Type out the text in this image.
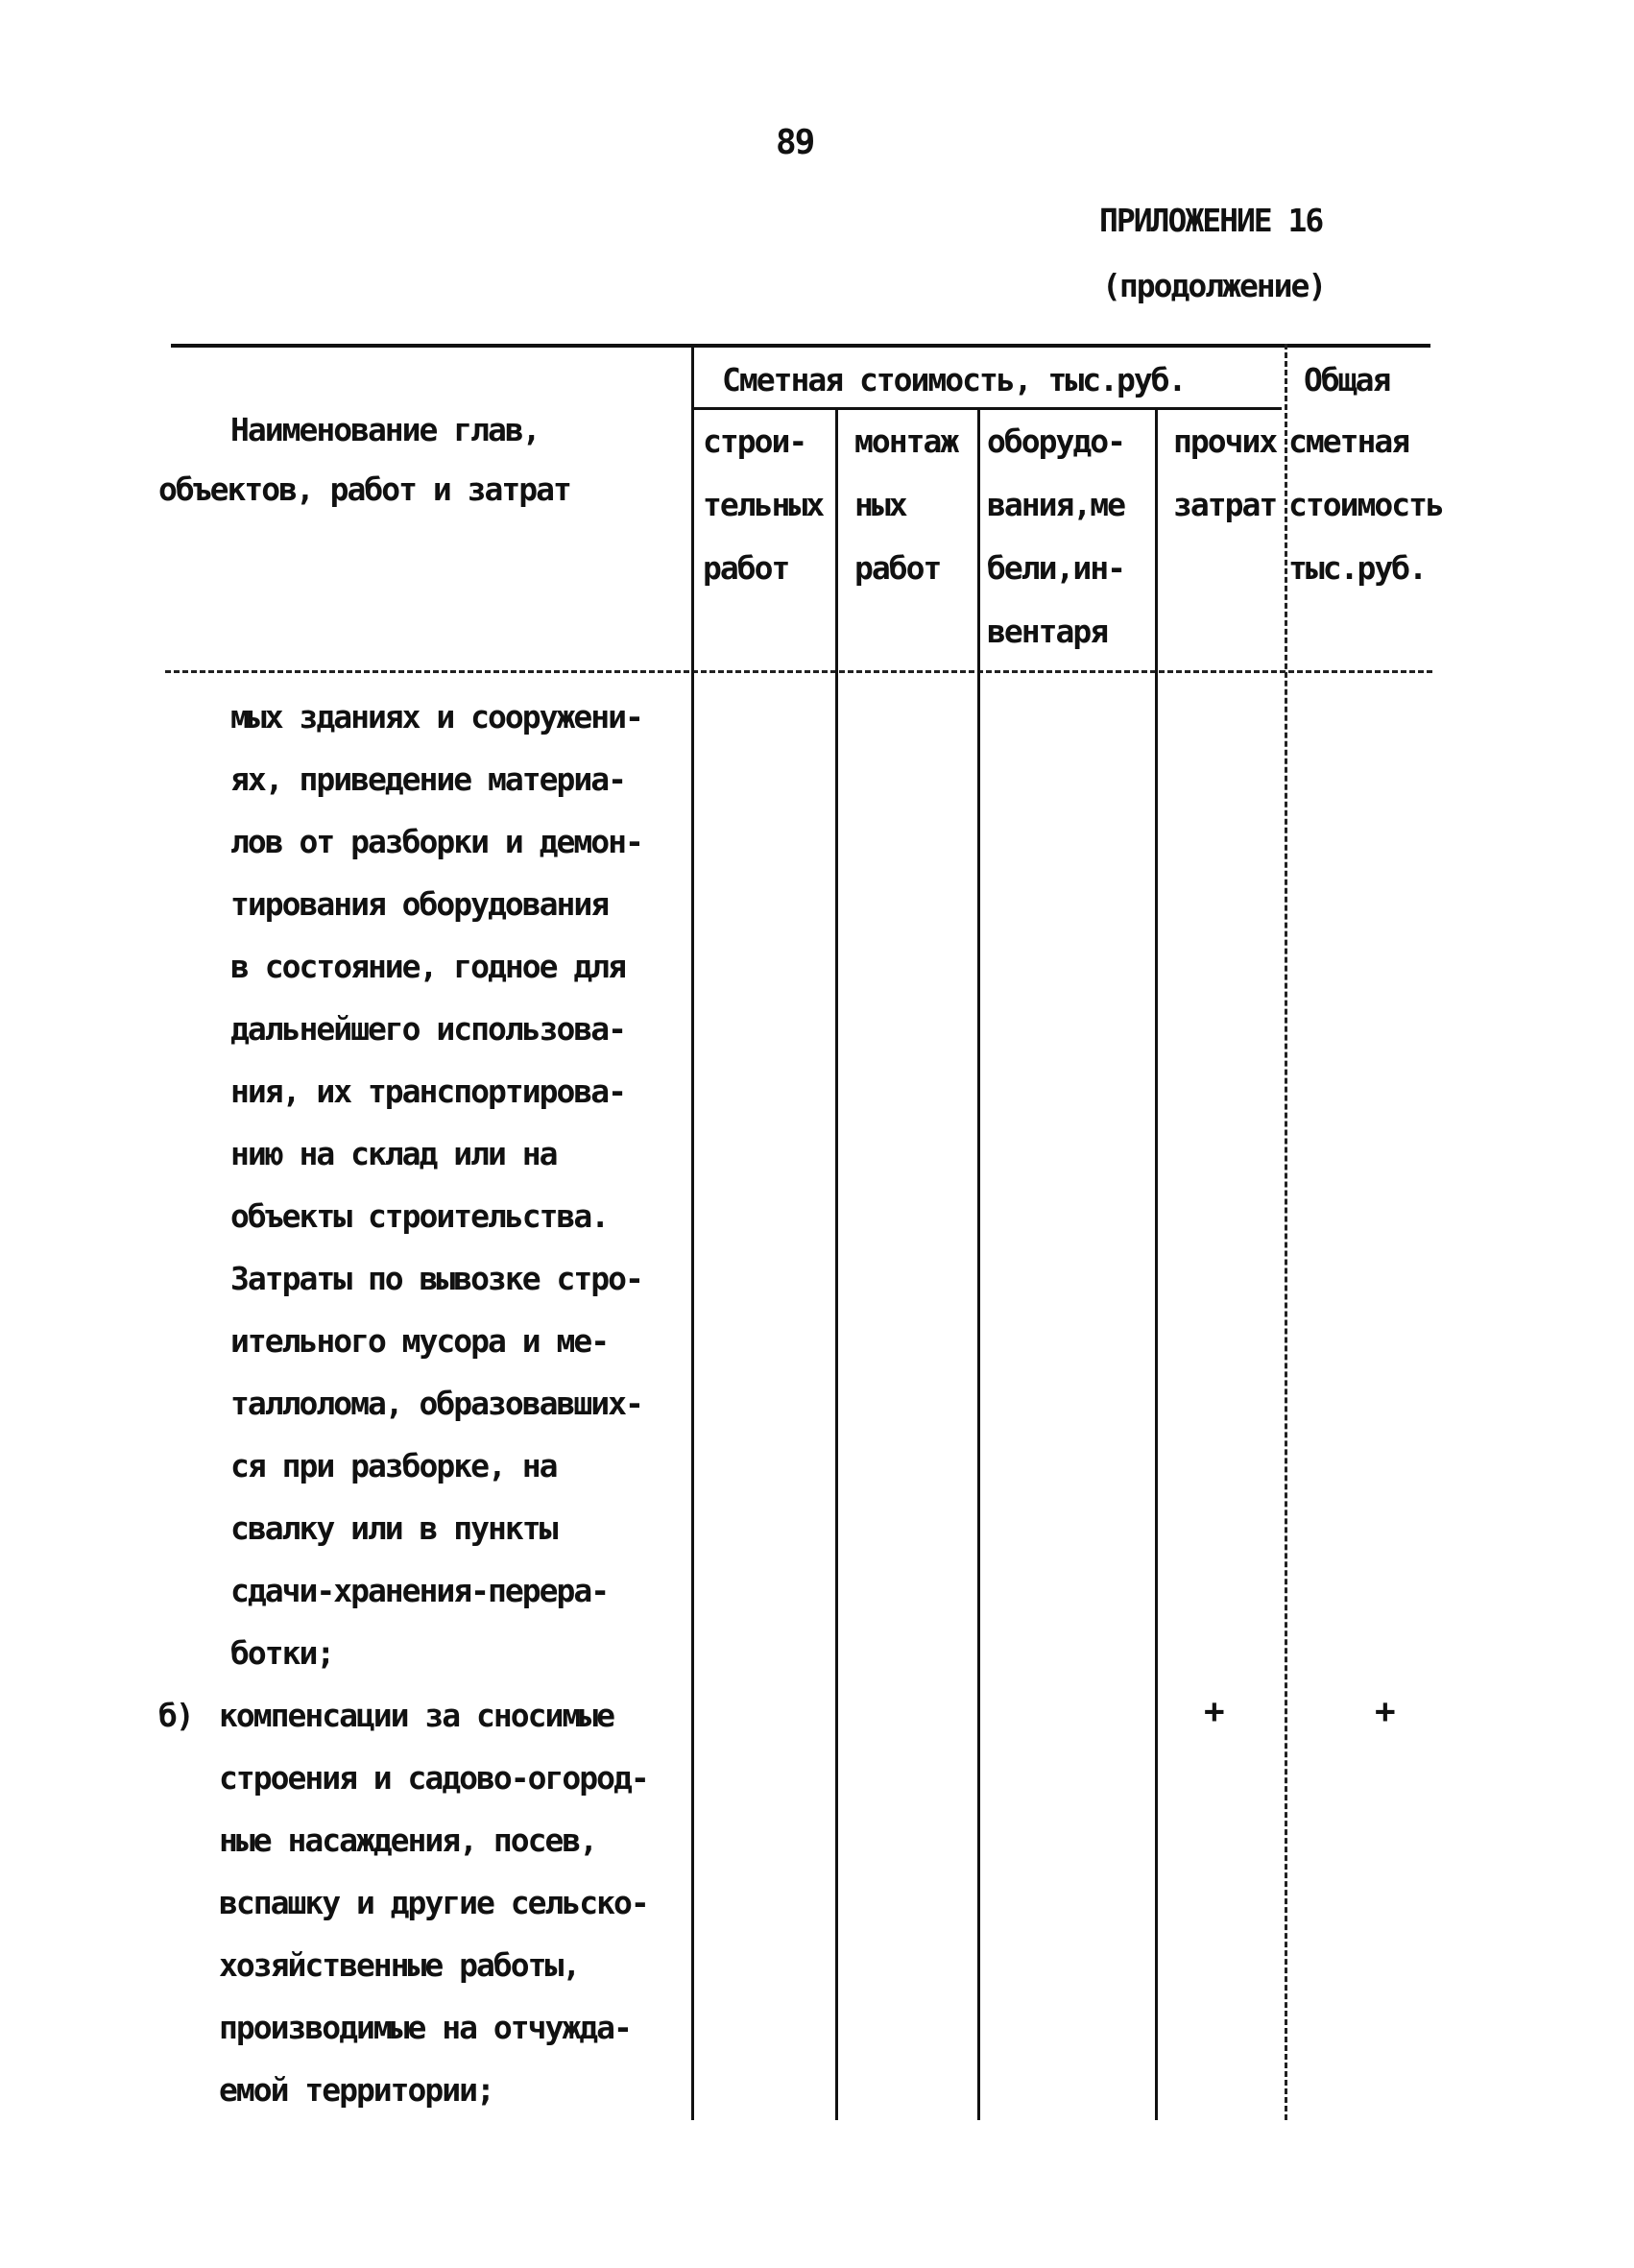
89
ПРИЛОЖЕНИЕ 16
(продолжение)
Наименование глав,
объектов, работ и затрат
Сметная стоимость, тыс.руб.
строи-
тельных
работ
монтаж
ных
работ
оборудо-
вания,ме
бели,ин-
вентаря
прочих
затрат
Общая
сметная
стоимость
тыс.руб.
мых зданиях и сооружени-
ях, приведение материа-
лов от разборки и демон-
тирования оборудования
в состояние, годное для
дальнейшего использова-
ния, их транспортирова-
нию на склад или на
объекты строительства.
Затраты по вывозке стро-
ительного мусора и ме-
таллолома, образовавших-
ся при разборке, на
свалку или в пункты
сдачи-хранения-перера-
ботки;
б) компенсации за сносимые
строения и садово-огород-
ные насаждения, посев,
вспашку и другие сельско-
хозяйственные работы,
производимые на отчужда-
емой территории;
+	+
